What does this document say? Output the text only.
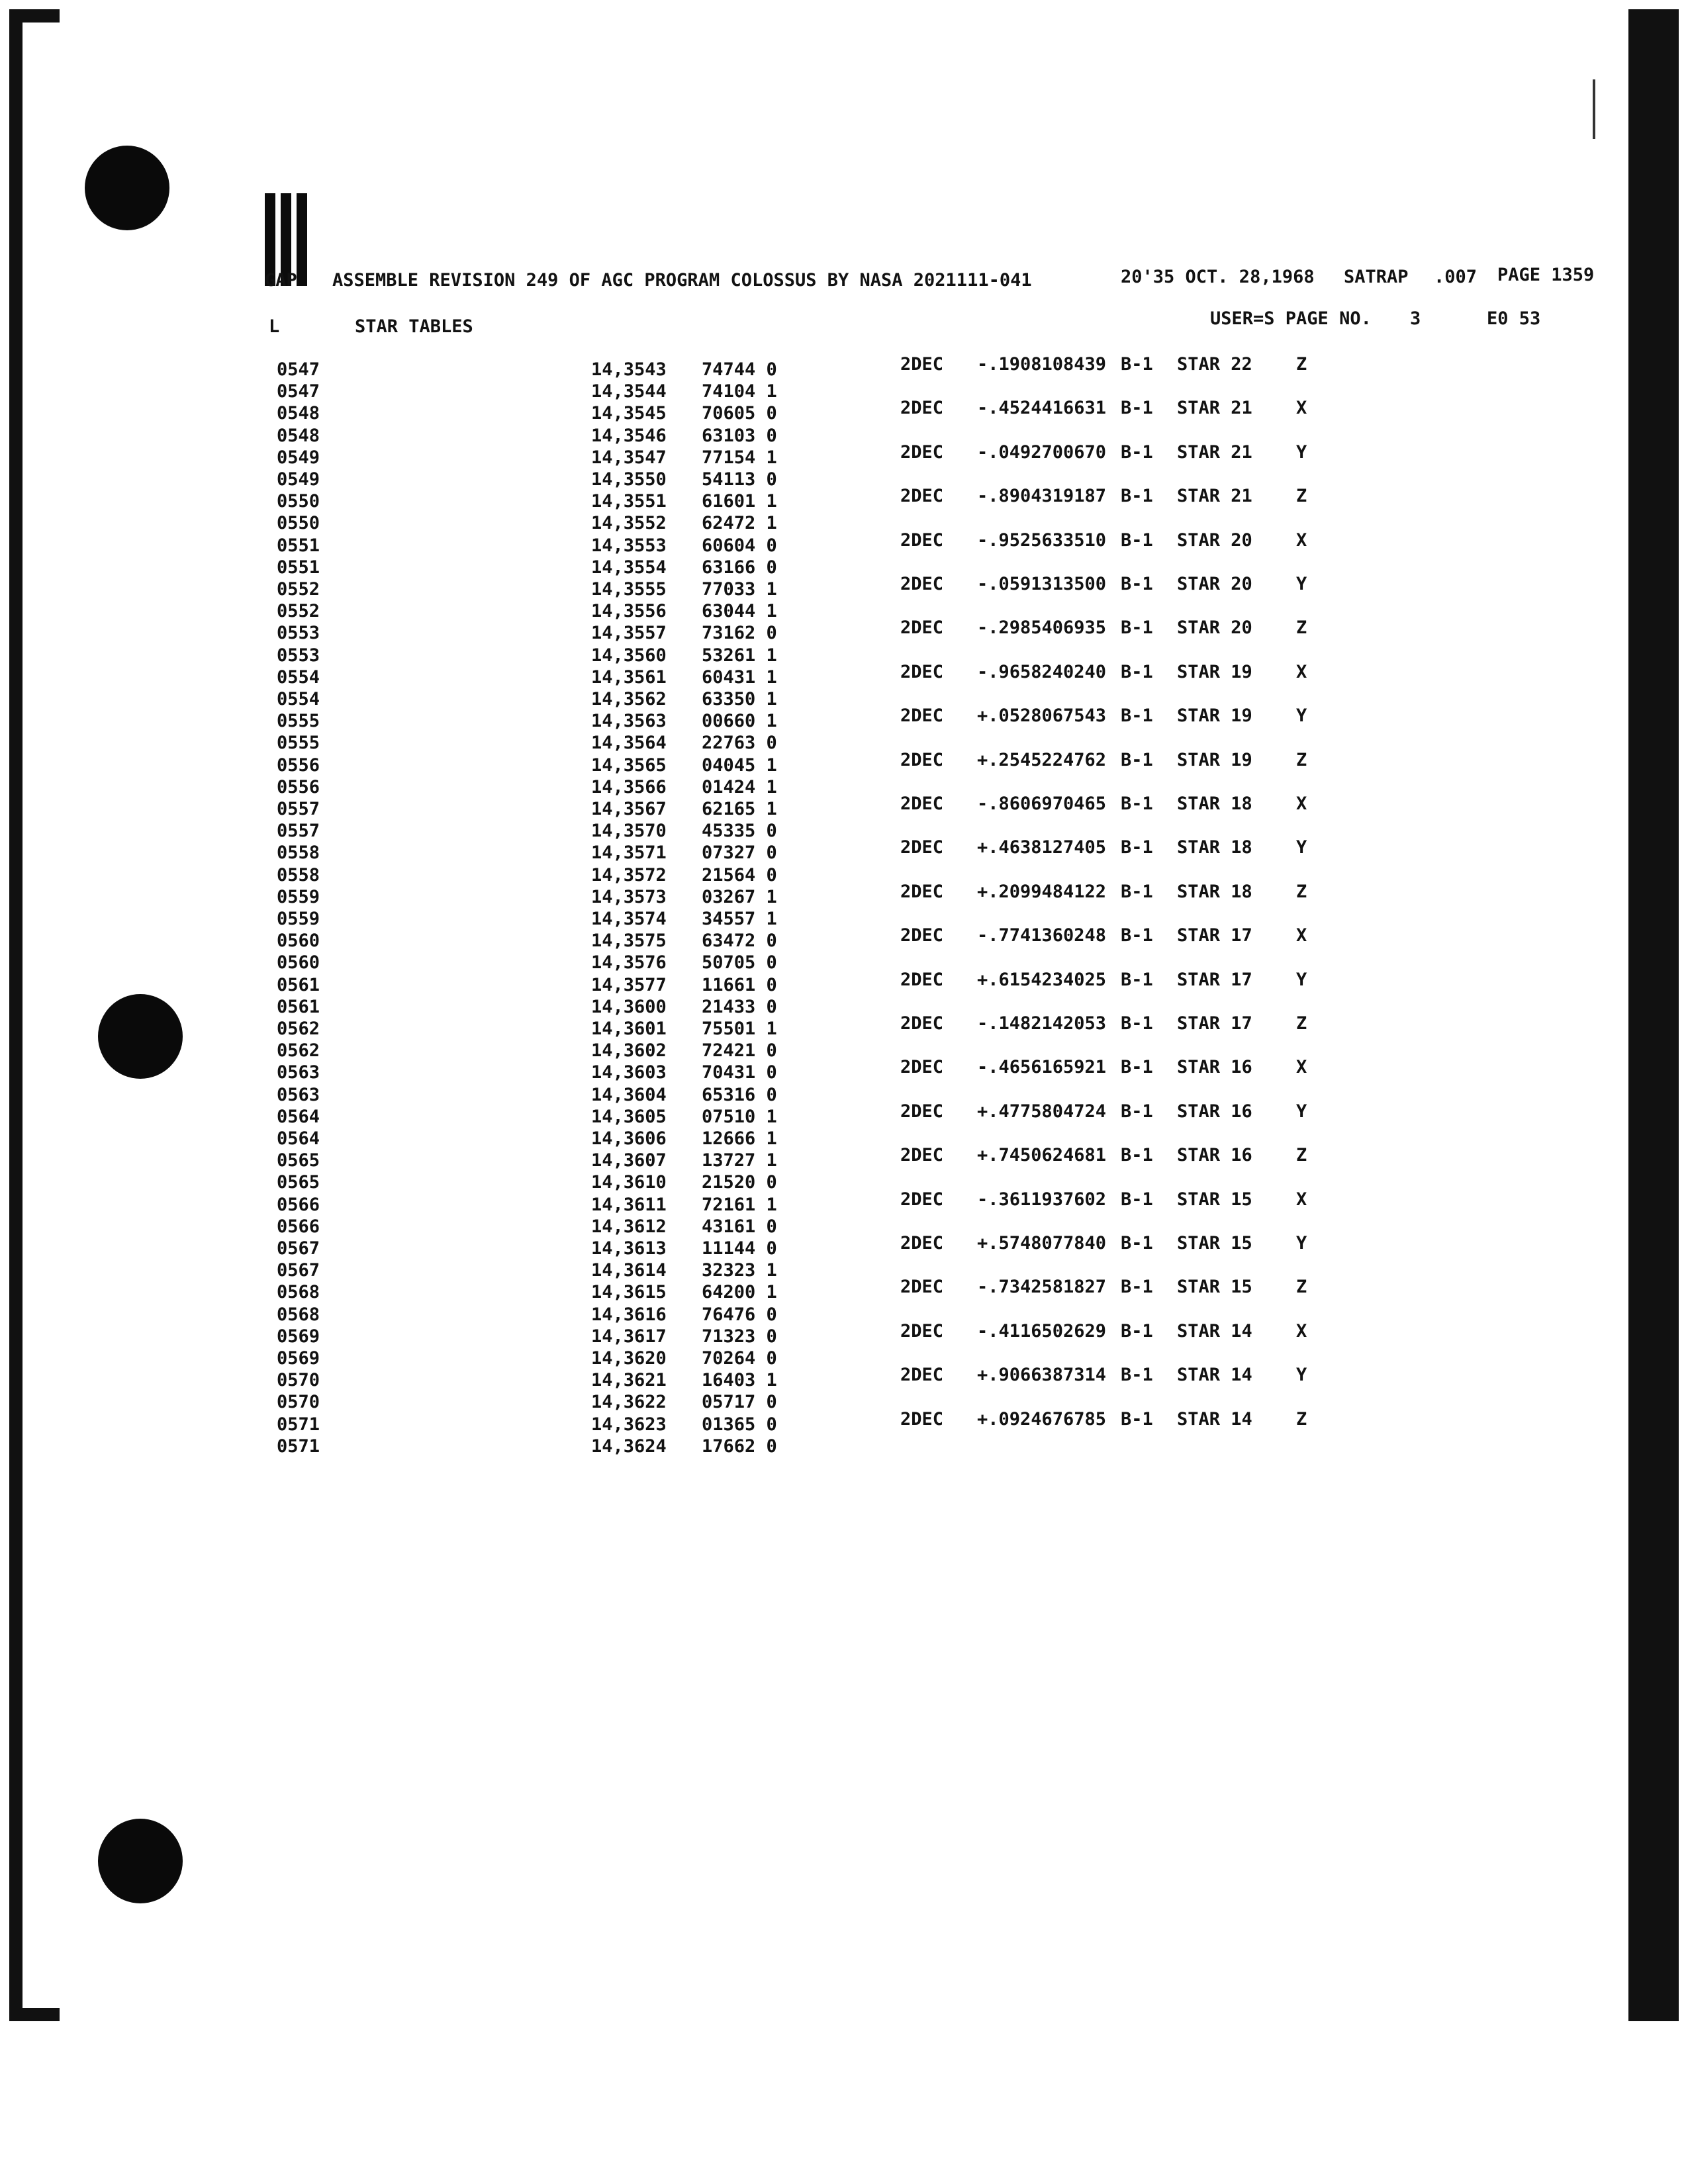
GAP ASSEMBLE REVISION 249 OF AGC PROGRAM COLOSSUS BY NASA 2021111-041	20'35 OCT. 28,1968 SATRAP .007 PAGE 1359
L	STAR TABLES	USER=S PAGE NO. 3	E0 53
0547	14,3543 74744 0
0547	14,3544 74104 1
0548	14,3545 70605 0
0548	14,3546 63103 0
0549	14,3547 77154 1
0549	14,3550 54113 0
0550	14,3551 61601 1
0550	14,3552 62472 1
0551	14,3553 60604 0
0551	14,3554 63166 0
0552	14,3555 77033 1
0552	14,3556 63044 1
0553	14,3557 73162 0
0553	14,3560 53261 1
0554	14,3561 60431 1
0554	14,3562 63350 1
0555	14,3563 00660 1
0555	14,3564 22763 0
0556	14,3565 04045 1
0556	14,3566 01424 1
0557	14,3567 62165 1
0557	14,3570 45335 0
0558	14,3571 07327 0
0558	14,3572 21564 0
0559	14,3573 03267 1
0559	14,3574 34557 1
0560	14,3575 63472 0
0560	14,3576 50705 0
0561	14,3577 11661 0
0561	14,3600 21433 0
0562	14,3601 75501 1
0562	14,3602 72421 0
0563	14,3603 70431 0
0563	14,3604 65316 0
0564	14,3605 07510 1
0564	14,3606 12666 1
0565	14,3607 13727 1
0565	14,3610 21520 0
0566	14,3611 72161 1
0566	14,3612 43161 0
0567	14,3613 11144 0
0567	14,3614 32323 1
0568	14,3615 64200 1
0568	14,3616 76476 0
0569	14,3617 71323 0
0569	14,3620 70264 0
0570	14,3621 16403 1
0570	14,3622 05717 0
0571	14,3623 01365 0
0571	14,3624 17662 0
2DEC -.1908108439 B-1 STAR 22 Z
2DEC -.4524416631 B-1 STAR 21 X
2DEC -.0492700670 B-1 STAR 21 Y
2DEC -.8904319187 B-1 STAR 21 Z
2DEC -.9525633510 B-1 STAR 20 X
2DEC -.0591313500 B-1 STAR 20 Y
2DEC -.2985406935 B-1 STAR 20 Z
2DEC -.9658240240 B-1 STAR 19 X
2DEC +.0528067543 B-1 STAR 19 Y
2DEC +.2545224762 B-1 STAR 19 Z
2DEC -.8606970465 B-1 STAR 18 X
2DEC +.4638127405 B-1 STAR 18 Y
2DEC +.2099484122 B-1 STAR 18 Z
2DEC -.7741360248 B-1 STAR 17 X
2DEC +.6154234025 B-1 STAR 17 Y
2DEC -.1482142053 B-1 STAR 17 Z
2DEC -.4656165921 B-1 STAR 16 X
2DEC +.4775804724 B-1 STAR 16 Y
2DEC +.7450624681 B-1 STAR 16 Z
2DEC -.3611937602 B-1 STAR 15 X
2DEC +.5748077840 B-1 STAR 15 Y
2DEC -.7342581827 B-1 STAR 15 Z
2DEC -.4116502629 B-1 STAR 14 X
2DEC +.9066387314 B-1 STAR 14 Y
2DEC +.0924676785 B-1 STAR 14 Z
